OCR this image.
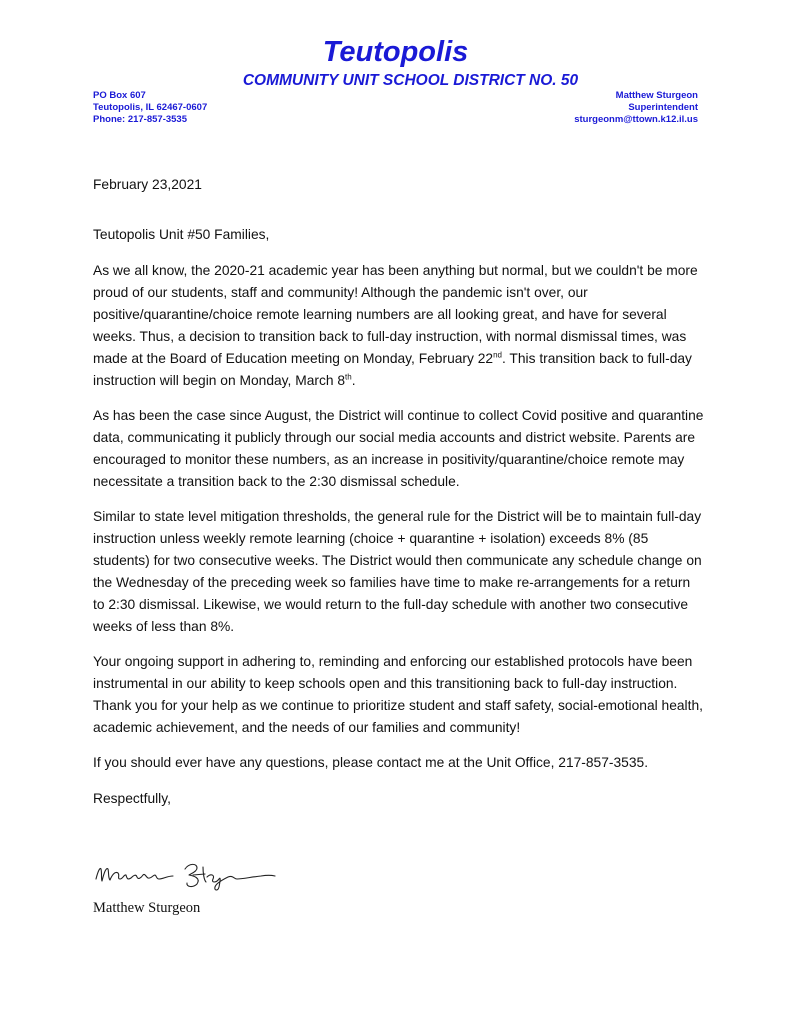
Teutopolis
COMMUNITY UNIT SCHOOL DISTRICT NO. 50
PO Box 607
Teutopolis, IL 62467-0607
Phone: 217-857-3535
Matthew Sturgeon
Superintendent
sturgeonm@ttown.k12.il.us

February 23,2021

Teutopolis Unit #50 Families,

As we all know, the 2020-21 academic year has been anything but normal, but we couldn't be more proud of our students, staff and community! Although the pandemic isn't over, our positive/quarantine/choice remote learning numbers are all looking great, and have for several weeks. Thus, a decision to transition back to full-day instruction, with normal dismissal times, was made at the Board of Education meeting on Monday, February 22nd. This transition back to full-day instruction will begin on Monday, March 8th.

As has been the case since August, the District will continue to collect Covid positive and quarantine data, communicating it publicly through our social media accounts and district website. Parents are encouraged to monitor these numbers, as an increase in positivity/quarantine/choice remote may necessitate a transition back to the 2:30 dismissal schedule.

Similar to state level mitigation thresholds, the general rule for the District will be to maintain full-day instruction unless weekly remote learning (choice + quarantine + isolation) exceeds 8% (85 students) for two consecutive weeks. The District would then communicate any schedule change on the Wednesday of the preceding week so families have time to make re-arrangements for a return to 2:30 dismissal. Likewise, we would return to the full-day schedule with another two consecutive weeks of less than 8%.

Your ongoing support in adhering to, reminding and enforcing our established protocols have been instrumental in our ability to keep schools open and this transitioning back to full-day instruction. Thank you for your help as we continue to prioritize student and staff safety, social-emotional health, academic achievement, and the needs of our families and community!

If you should ever have any questions, please contact me at the Unit Office, 217-857-3535.

Respectfully,

Matthew Sturgeon
